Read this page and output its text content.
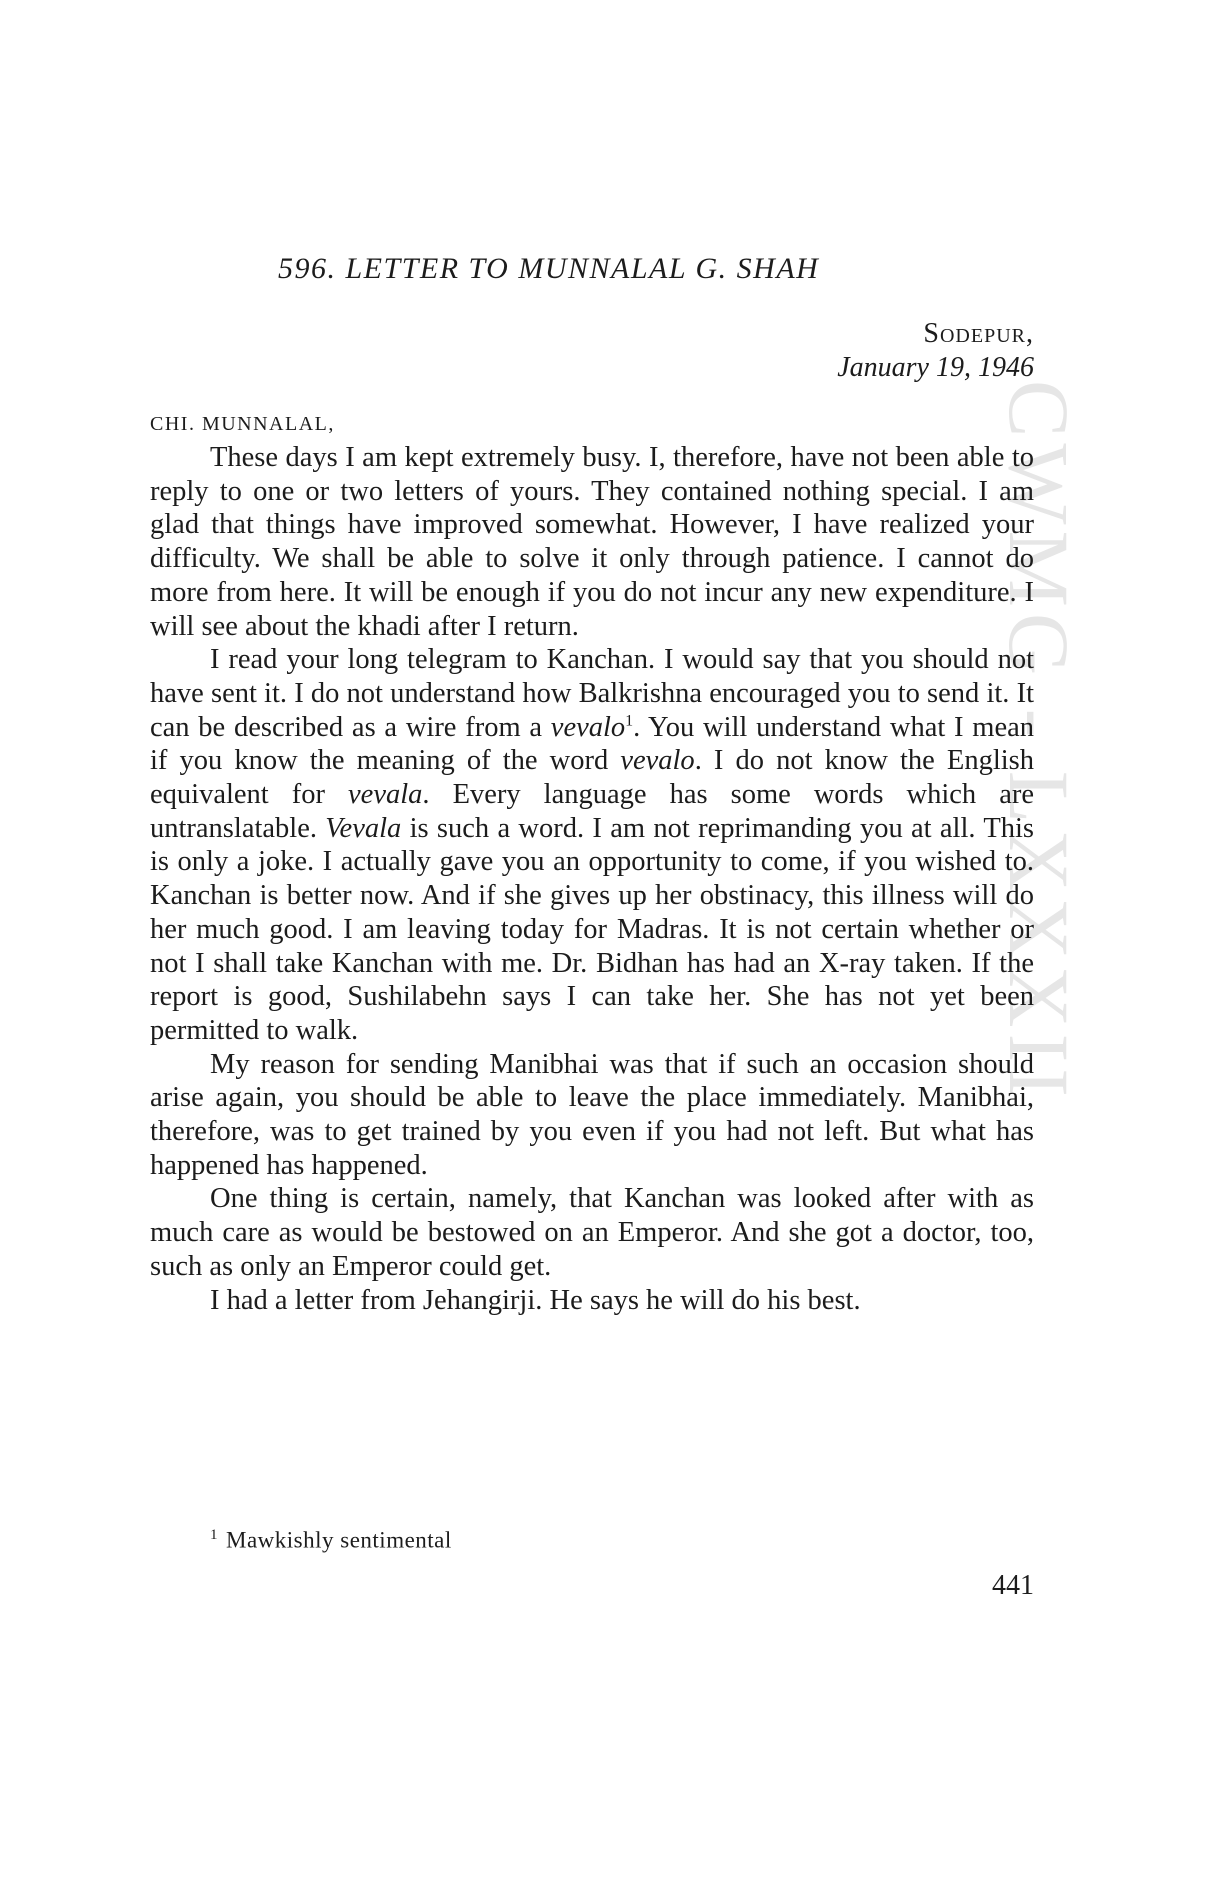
CWMG - LXXXII
596. LETTER TO MUNNALAL G. SHAH
Sodepur,
January 19, 1946
CHI. MUNNALAL,

These days I am kept extremely busy. I, therefore, have not been able to reply to one or two letters of yours. They contained nothing special. I am glad that things have improved somewhat. However, I have realized your difficulty. We shall be able to solve it only through patience. I cannot do more from here. It will be enough if you do not incur any new expenditure. I will see about the khadi after I return.

I read your long telegram to Kanchan. I would say that you should not have sent it. I do not understand how Balkrishna encouraged you to send it. It can be described as a wire from a vevalo$^1$. You will understand what I mean if you know the meaning of the word vevalo. I do not know the English equivalent for vevala. Every language has some words which are untranslatable. Vevala is such a word. I am not reprimanding you at all. This is only a joke. I actually gave you an opportunity to come, if you wished to. Kanchan is better now. And if she gives up her obstinacy, this illness will do her much good. I am leaving today for Madras. It is not certain whether or not I shall take Kanchan with me. Dr. Bidhan has had an X-ray taken. If the report is good, Sushilabehn says I can take her. She has not yet been permitted to walk.

My reason for sending Manibhai was that if such an occasion should arise again, you should be able to leave the place immediately. Manibhai, therefore, was to get trained by you even if you had not left. But what has happened has happened.

One thing is certain, namely, that Kanchan was looked after with as much care as would be bestowed on an Emperor. And she got a doctor, too, such as only an Emperor could get.

I had a letter from Jehangirji. He says he will do his best.

$^1$ Mawkishly sentimental
441
